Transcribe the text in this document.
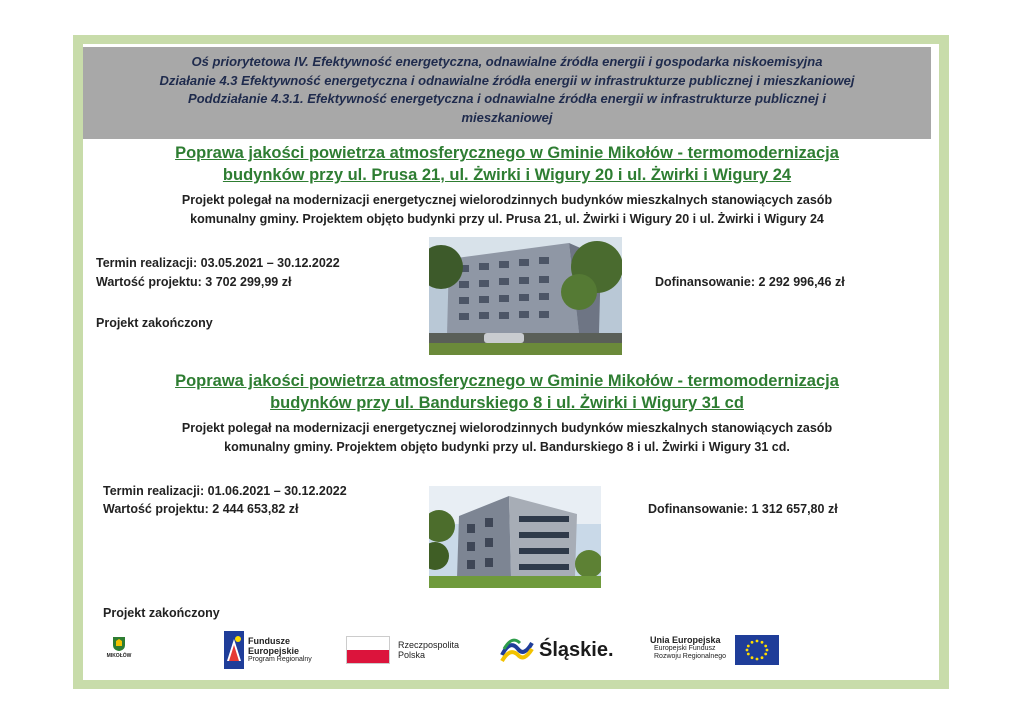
Oś priorytetowa IV. Efektywność energetyczna, odnawialne źródła energii i gospodarka niskoemisyjna
Działanie 4.3 Efektywność energetyczna i odnawialne źródła energii w infrastrukturze publicznej i mieszkaniowej
Poddziałanie 4.3.1. Efektywność energetyczna i odnawialne źródła energii w infrastrukturze publicznej i
mieszkaniowej
Poprawa jakości powietrza atmosferycznego w Gminie Mikołów - termomodernizacja
budynków przy ul. Prusa 21, ul. Żwirki i Wigury 20 i ul. Żwirki i Wigury 24
Projekt polegał na modernizacji energetycznej wielorodzinnych budynków mieszkalnych stanowiących zasób
komunalny gminy. Projektem objęto budynki przy ul. Prusa 21, ul. Żwirki i Wigury 20 i ul. Żwirki i Wigury 24
Termin realizacji: 03.05.2021 – 30.12.2022
Wartość projektu: 3 702 299,99 zł	Dofinansowanie: 2 292 996,46 zł
Projekt zakończony
Poprawa jakości powietrza atmosferycznego w Gminie Mikołów - termomodernizacja
budynków przy ul. Bandurskiego 8 i ul. Żwirki i Wigury 31 cd
Projekt polegał na modernizacji energetycznej wielorodzinnych budynków mieszkalnych stanowiących zasób
komunalny gminy. Projektem objęto budynki przy ul. Bandurskiego 8 i ul. Żwirki i Wigury 31 cd.
Termin realizacji: 01.06.2021 – 30.12.2022
Wartość projektu: 2 444 653,82 zł	Dofinansowanie: 1 312 657,80 zł
Projekt zakończony
MIKOŁÓW
Fundusze
Europejskie
Program Regionalny
Rzeczpospolita
Polska	Śląskie.	Unia Europejska
Europejski Fundusz
Rozwoju Regionalnego
